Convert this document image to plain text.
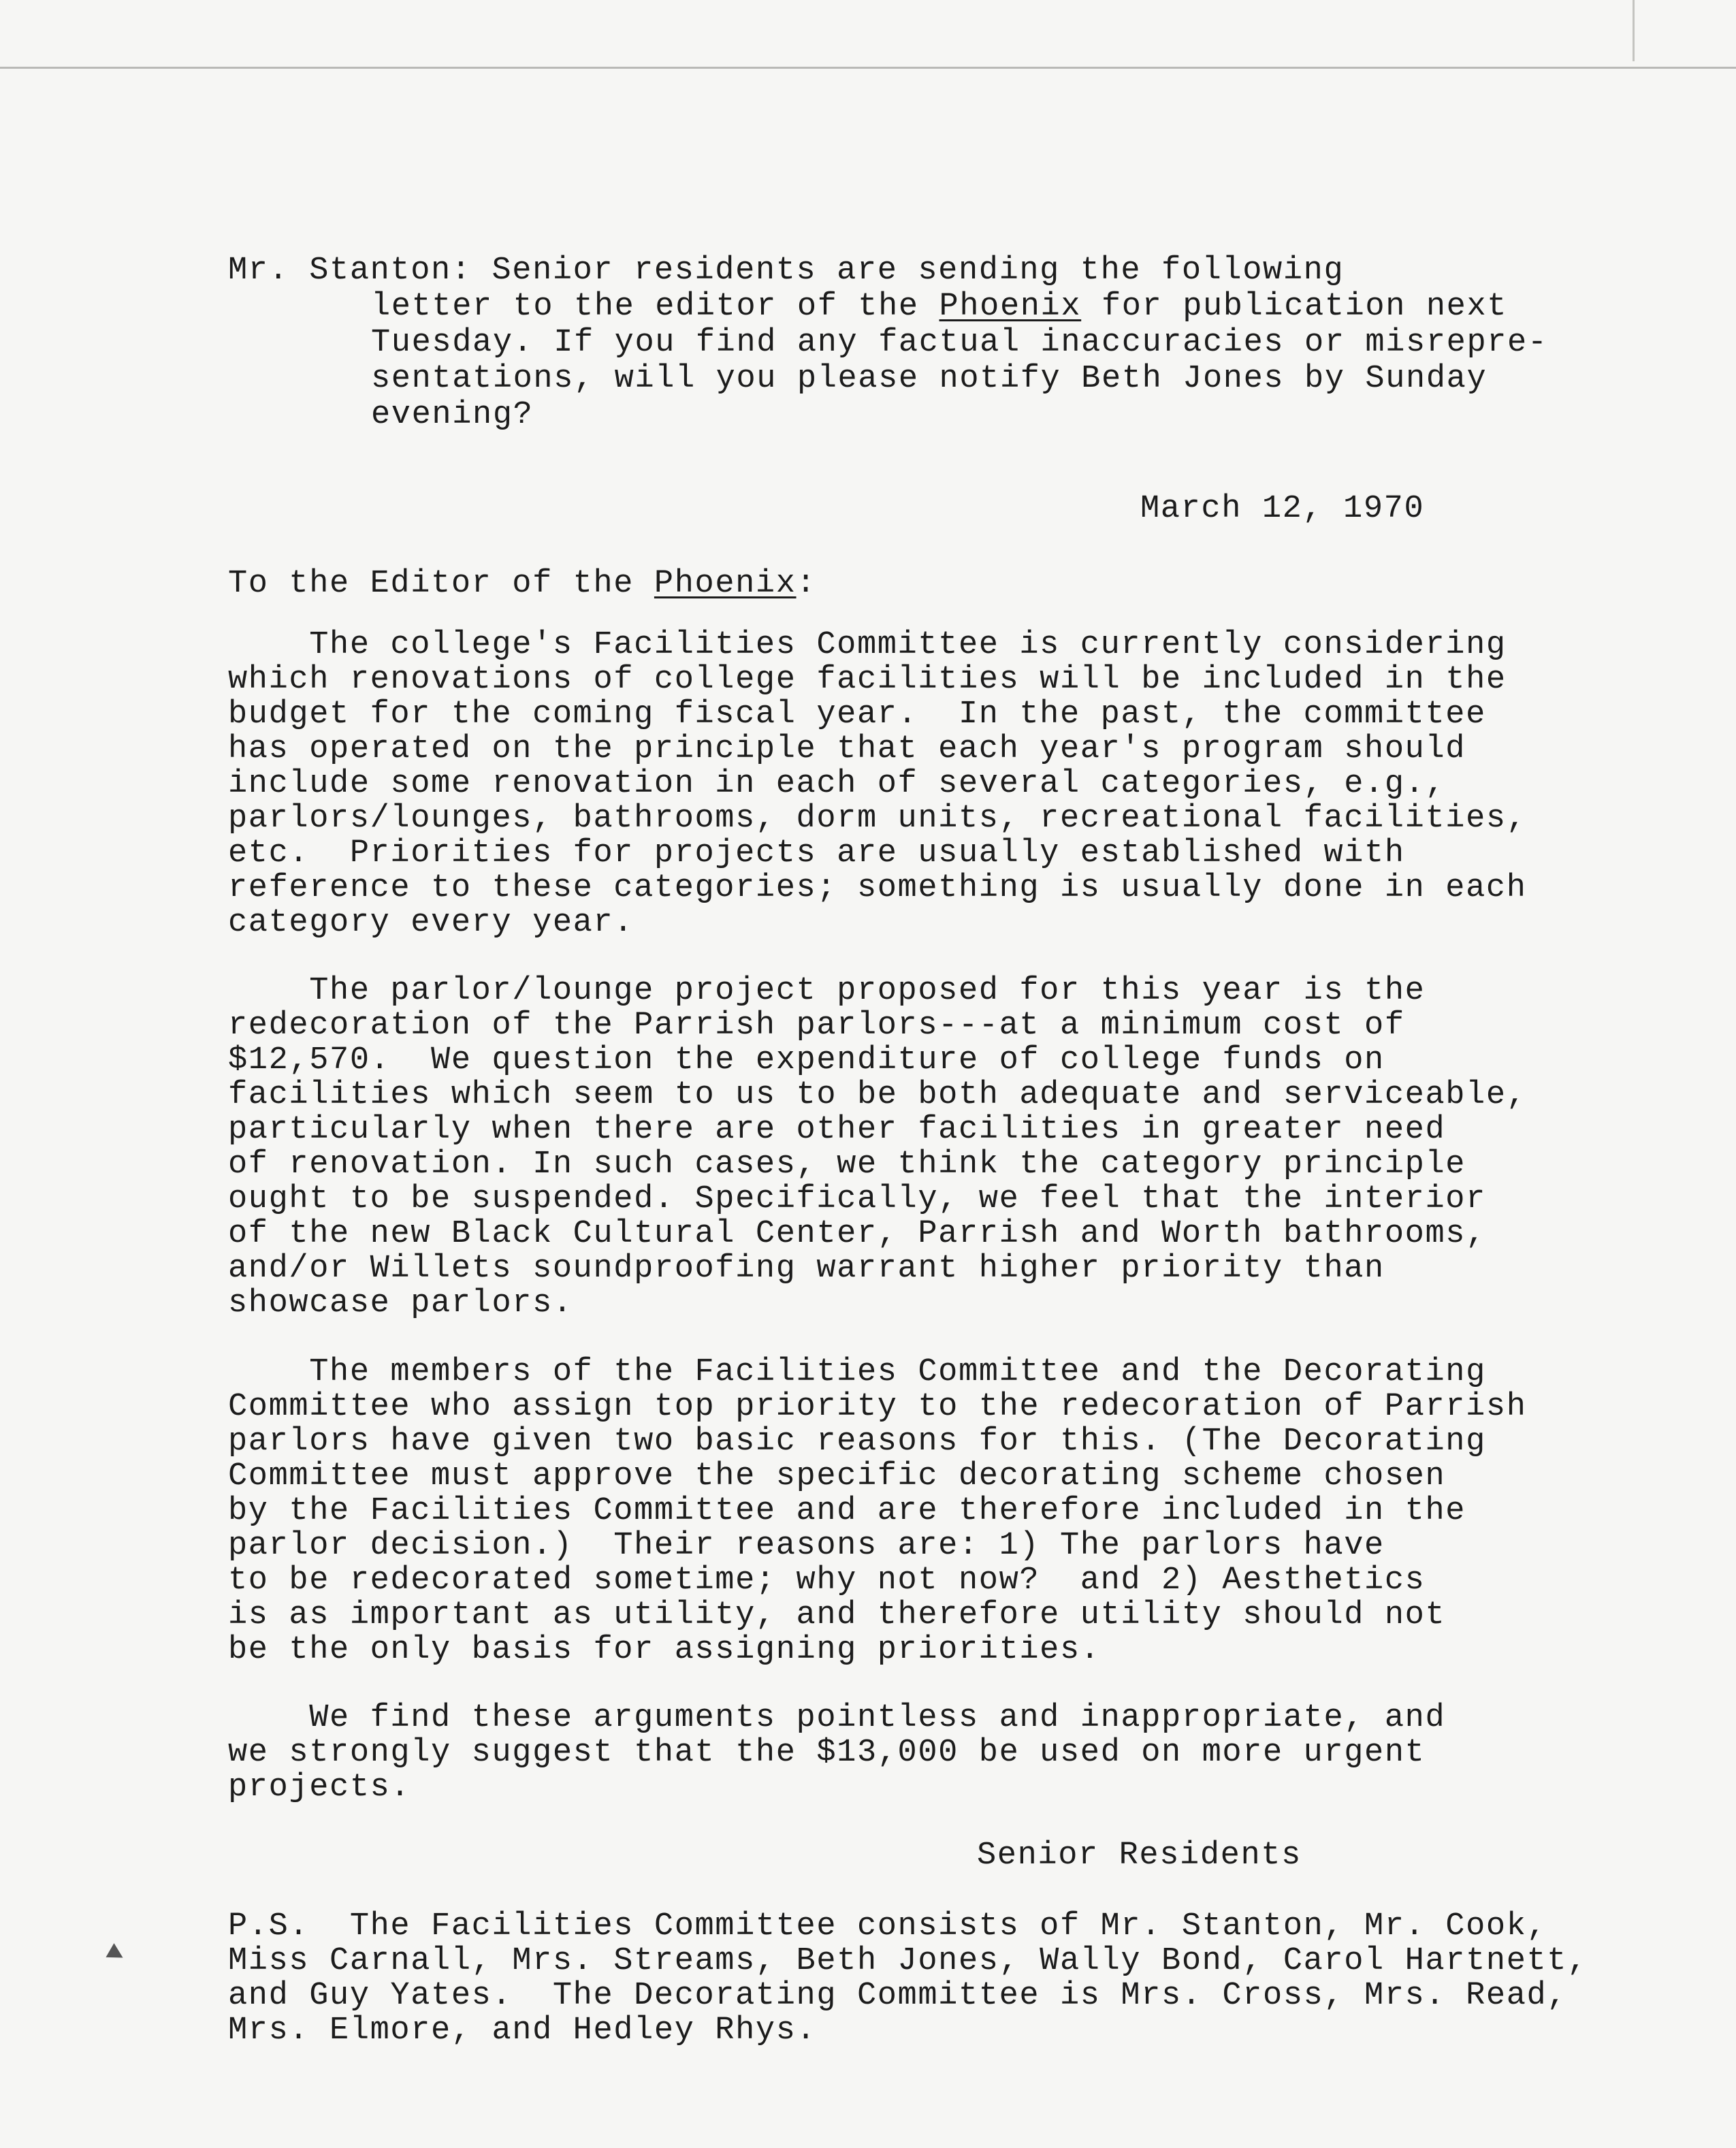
Mr. Stanton: Senior residents are sending the following
letter to the editor of the Phoenix for publication next
Tuesday. If you find any factual inaccuracies or misrepre-
sentations, will you please notify Beth Jones by Sunday
evening?
March 12, 1970
To the Editor of the Phoenix:
The college's Facilities Committee is currently considering
which renovations of college facilities will be included in the
budget for the coming fiscal year.  In the past, the committee
has operated on the principle that each year's program should
include some renovation in each of several categories, e.g.,
parlors/lounges, bathrooms, dorm units, recreational facilities,
etc.  Priorities for projects are usually established with
reference to these categories; something is usually done in each
category every year.
The parlor/lounge project proposed for this year is the
redecoration of the Parrish parlors---at a minimum cost of
$12,570.  We question the expenditure of college funds on
facilities which seem to us to be both adequate and serviceable,
particularly when there are other facilities in greater need
of renovation. In such cases, we think the category principle
ought to be suspended. Specifically, we feel that the interior
of the new Black Cultural Center, Parrish and Worth bathrooms,
and/or Willets soundproofing warrant higher priority than
showcase parlors.
The members of the Facilities Committee and the Decorating
Committee who assign top priority to the redecoration of Parrish
parlors have given two basic reasons for this. (The Decorating
Committee must approve the specific decorating scheme chosen
by the Facilities Committee and are therefore included in the
parlor decision.)  Their reasons are: 1) The parlors have
to be redecorated sometime; why not now?  and 2) Aesthetics
is as important as utility, and therefore utility should not
be the only basis for assigning priorities.
We find these arguments pointless and inappropriate, and
we strongly suggest that the $13,000 be used on more urgent
projects.
Senior Residents
P.S.  The Facilities Committee consists of Mr. Stanton, Mr. Cook,
Miss Carnall, Mrs. Streams, Beth Jones, Wally Bond, Carol Hartnett,
and Guy Yates.  The Decorating Committee is Mrs. Cross, Mrs. Read,
Mrs. Elmore, and Hedley Rhys.
